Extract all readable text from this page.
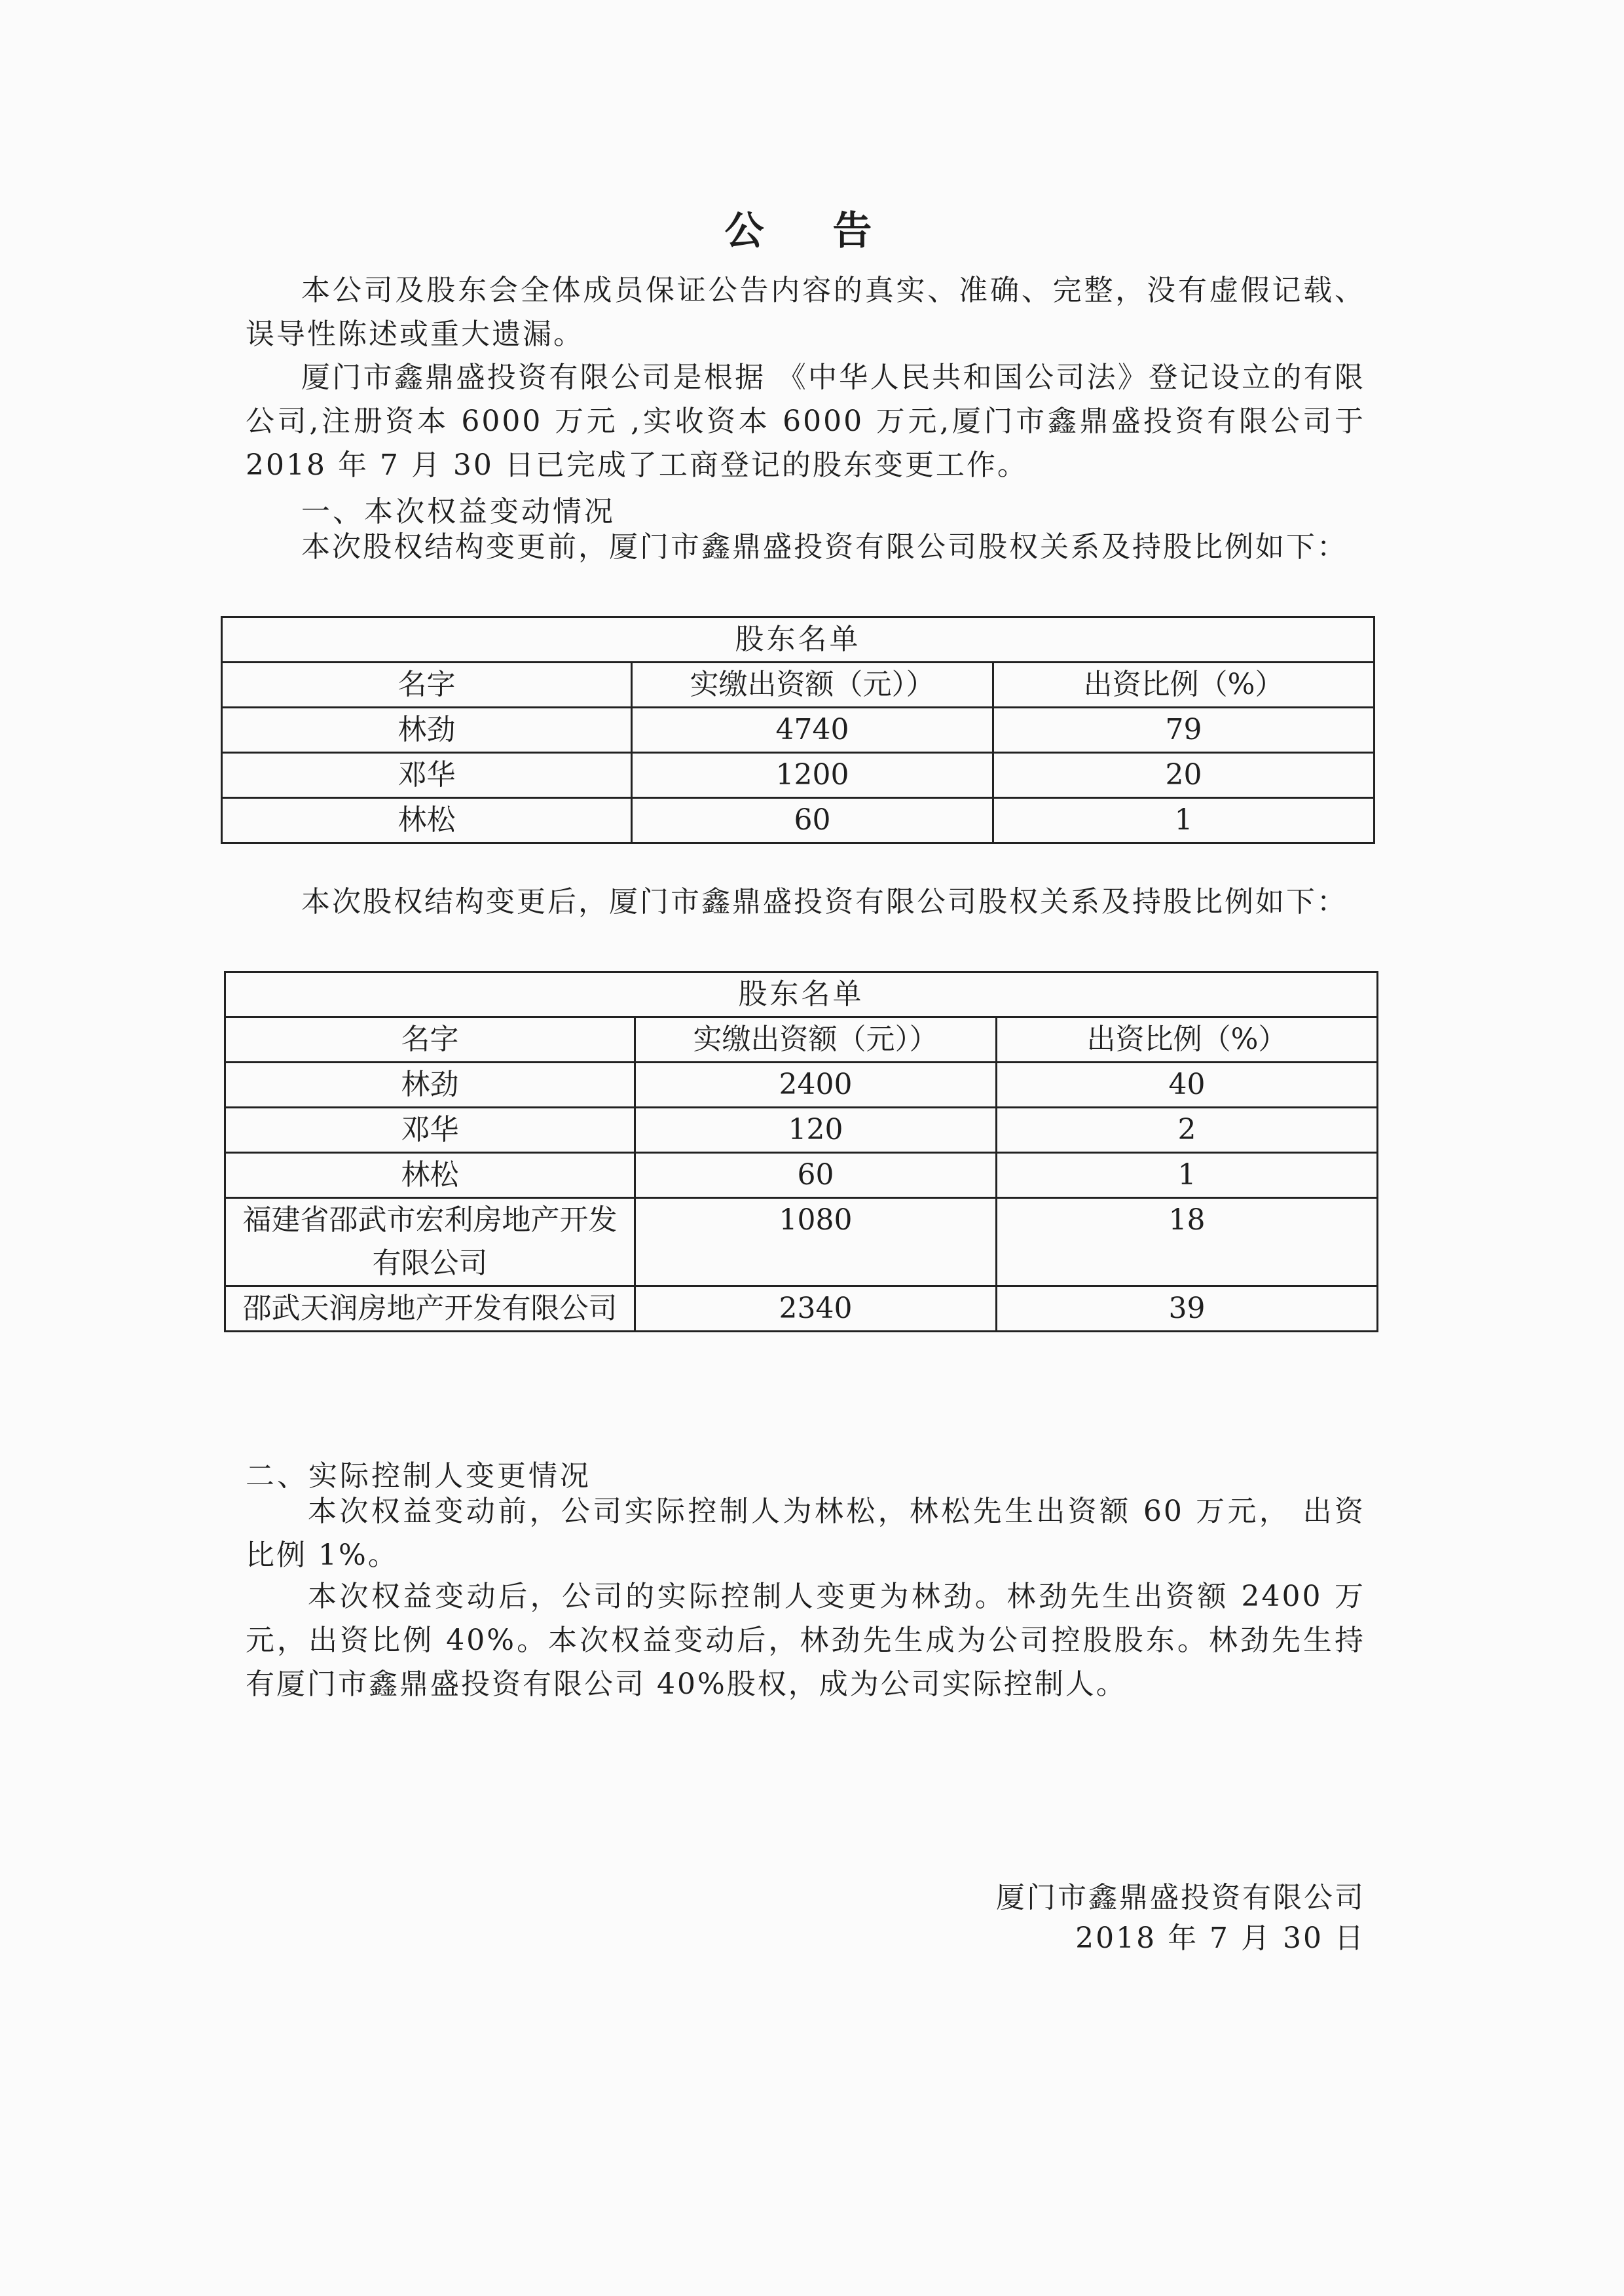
公 告
本公司及股东会全体成员保证公告内容的真实、准确、完整，没有虚假记载、误导性陈述或重大遗漏。
厦门市鑫鼎盛投资有限公司是根据 《中华人民共和国公司法》登记设立的有限公司,注册资本 6000 万元 ,实收资本 6000 万元,厦门市鑫鼎盛投资有限公司于 2018 年 7 月 30 日已完成了工商登记的股东变更工作。
一、本次权益变动情况
本次股权结构变更前，厦门市鑫鼎盛投资有限公司股权关系及持股比例如下：
股东名单		
名字	实缴出资额（元））	出资比例（%）
林劲	4740	79
邓华	1200	20
林松	60	1
本次股权结构变更后，厦门市鑫鼎盛投资有限公司股权关系及持股比例如下：
股东名单		
名字	实缴出资额（元））	出资比例（%）
林劲	2400	40
邓华	120	2
林松	60	1
福建省邵武市宏利房地产开发有限公司	1080	18
邵武天润房地产开发有限公司	2340	39
二、实际控制人变更情况
本次权益变动前，公司实际控制人为林松，林松先生出资额 60 万元， 出资比例 1%。
本次权益变动后，公司的实际控制人变更为林劲。林劲先生出资额 2400 万元，出资比例 40%。本次权益变动后，林劲先生成为公司控股股东。林劲先生持有厦门市鑫鼎盛投资有限公司 40%股权，成为公司实际控制人。
厦门市鑫鼎盛投资有限公司
2018 年 7 月 30 日
